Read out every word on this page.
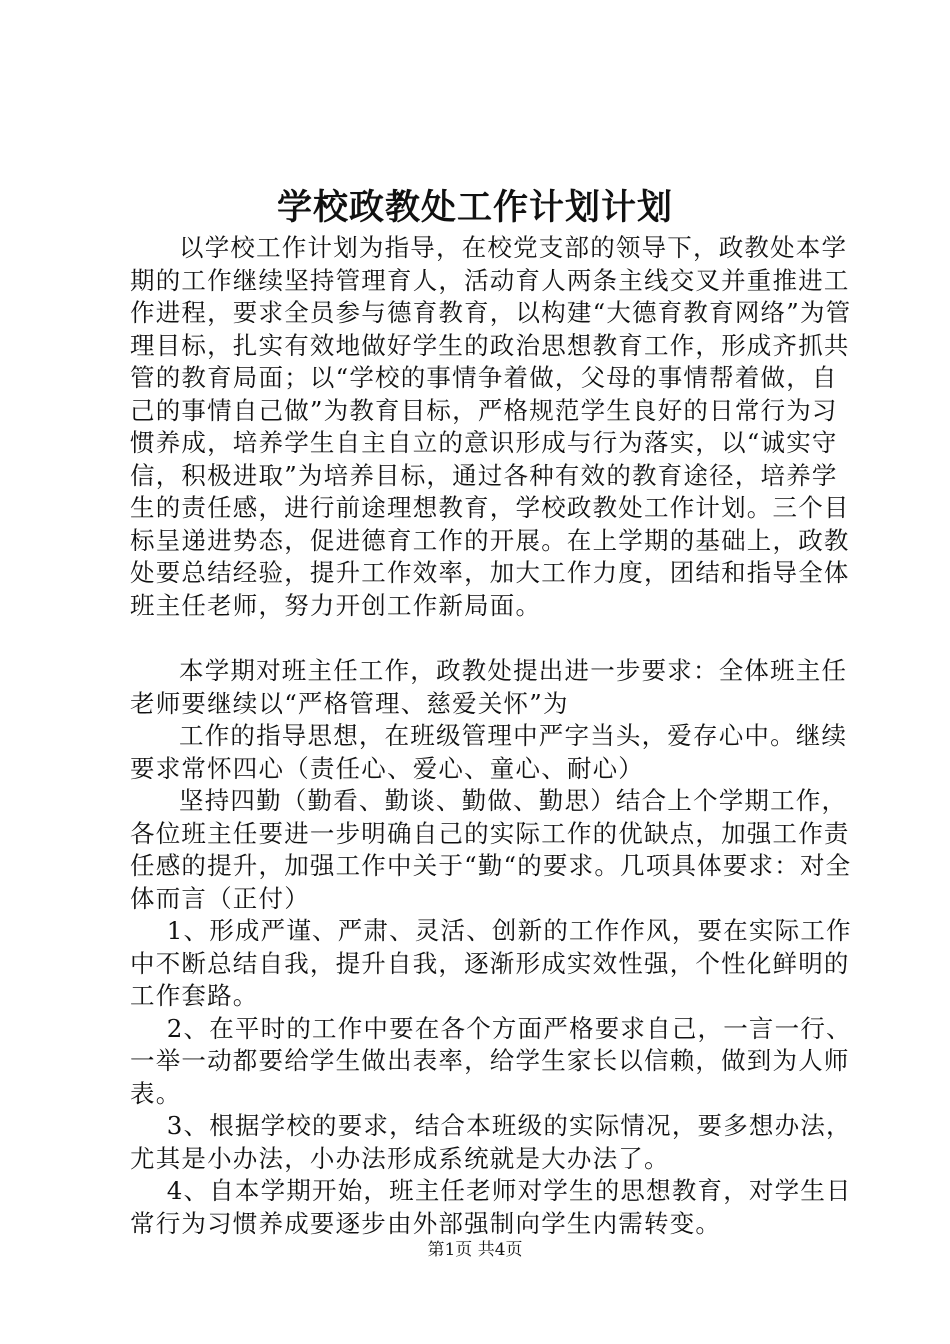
学校政教处工作计划计划

以学校工作计划为指导，在校党支部的领导下，政教处本学期的工作继续坚持管理育人，活动育人两条主线交叉并重推进工作进程，要求全员参与德育教育，以构建“大德育教育网络”为管理目标，扎实有效地做好学生的政治思想教育工作，形成齐抓共管的教育局面；以“学校的事情争着做，父母的事情帮着做，自己的事情自己做”为教育目标，严格规范学生良好的日常行为习惯养成，培养学生自主自立的意识形成与行为落实，以“诚实守信，积极进取”为培养目标，通过各种有效的教育途径，培养学生的责任感，进行前途理想教育，学校政教处工作计划。三个目标呈递进势态，促进德育工作的开展。在上学期的基础上，政教处要总结经验，提升工作效率，加大工作力度，团结和指导全体班主任老师，努力开创工作新局面。

本学期对班主任工作，政教处提出进一步要求：全体班主任老师要继续以“严格管理、慈爱关怀”为

工作的指导思想，在班级管理中严字当头，爱存心中。继续要求常怀四心（责任心、爱心、童心、耐心）

坚持四勤（勤看、勤谈、勤做、勤思）结合上个学期工作，各位班主任要进一步明确自己的实际工作的优缺点，加强工作责任感的提升，加强工作中关于“勤“的要求。几项具体要求：对全体而言（正付）

1、形成严谨、严肃、灵活、创新的工作作风，要在实际工作中不断总结自我，提升自我，逐渐形成实效性强，个性化鲜明的工作套路。

2、在平时的工作中要在各个方面严格要求自己，一言一行、一举一动都要给学生做出表率，给学生家长以信赖，做到为人师表。

3、根据学校的要求，结合本班级的实际情况，要多想办法，尤其是小办法，小办法形成系统就是大办法了。

4、自本学期开始，班主任老师对学生的思想教育，对学生日常行为习惯养成要逐步由外部强制向学生内需转变。

第1页 共4页
